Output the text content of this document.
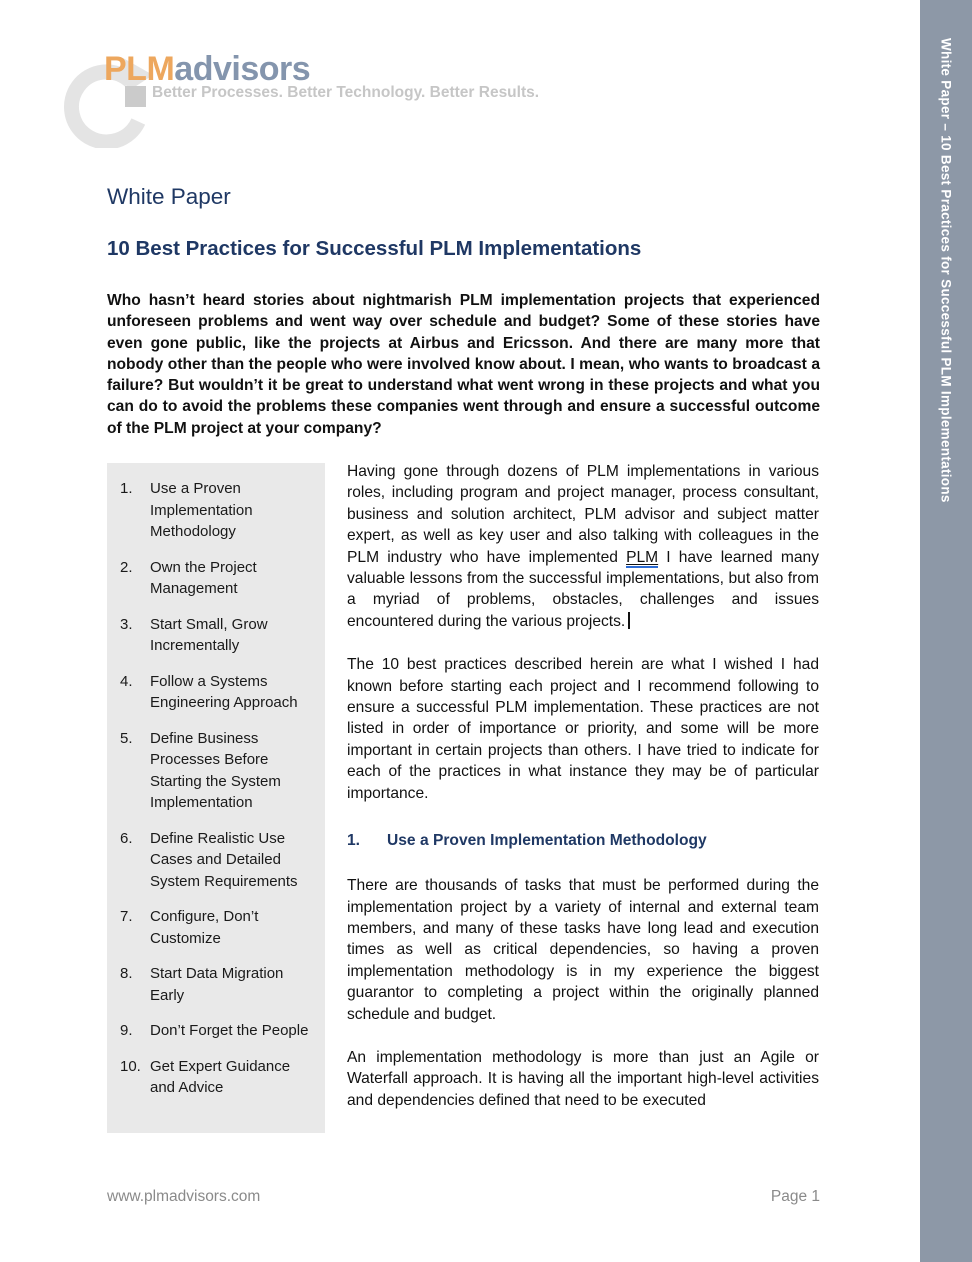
White Paper – 10 Best Practices for Successful PLM Implementations
PLMadvisors
Better Processes. Better Technology. Better Results.
White Paper
10 Best Practices for Successful PLM Implementations
Who hasn’t heard stories about nightmarish PLM implementation projects that experienced unforeseen problems and went way over schedule and budget? Some of these stories have even gone public, like the projects at Airbus and Ericsson. And there are many more that nobody other than the people who were involved know about. I mean, who wants to broadcast a failure? But wouldn’t it be great to understand what went wrong in these projects and what you can do to avoid the problems these companies went through and ensure a successful outcome of the PLM project at your company?
1.	Use a Proven Implementation Methodology
2.	Own the Project Management
3.	Start Small, Grow Incrementally
4.	Follow a Systems Engineering Approach
5.	Define Business Processes Before Starting the System Implementation
6.	Define Realistic Use Cases and Detailed System Requirements
7.	Configure, Don’t Customize
8.	Start Data Migration Early
9.	Don’t Forget the People
10. Get Expert Guidance and Advice

Having gone through dozens of PLM implementations in various roles, including program and project manager, process consultant, business and solution architect, PLM advisor and subject matter expert, as well as key user and also talking with colleagues in the PLM industry who have implemented PLM I have learned many valuable lessons from the successful implementations, but also from a myriad of problems, obstacles, challenges and issues encountered during the various projects.

The 10 best practices described herein are what I wished I had known before starting each project and I recommend following to ensure a successful PLM implementation. These practices are not listed in order of importance or priority, and some will be more important in certain projects than others. I have tried to indicate for each of the practices in what instance they may be of particular importance.

1.	Use a Proven Implementation Methodology

There are thousands of tasks that must be performed during the implementation project by a variety of internal and external team members, and many of these tasks have long lead and execution times as well as critical dependencies, so having a proven implementation methodology is in my experience the biggest guarantor to completing a project within the originally planned schedule and budget.

An implementation methodology is more than just an Agile or Waterfall approach. It is having all the important high-level activities and dependencies defined that need to be executed

www.plmadvisors.com	Page 1
